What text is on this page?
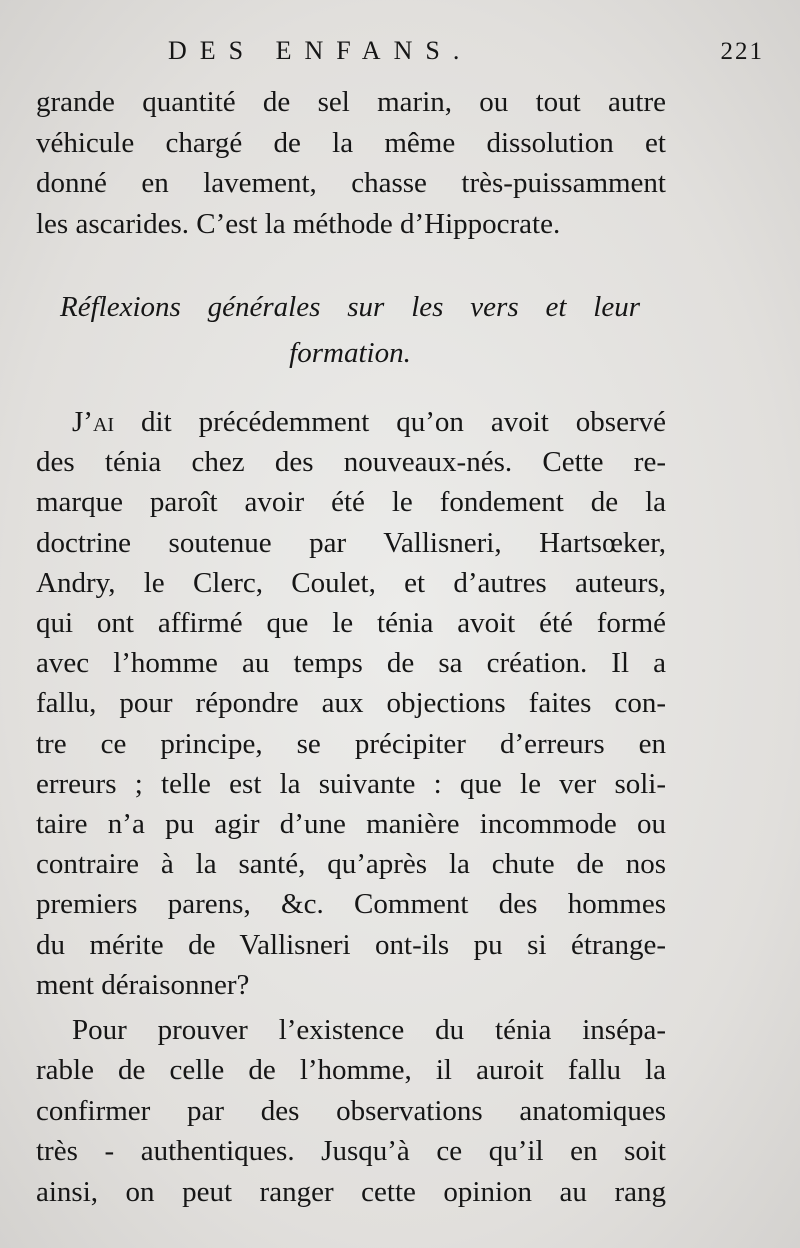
DES ENFANS.	221
grande quantité de sel marin, ou tout autre
véhicule chargé de la même dissolution et
donné en lavement, chasse très-puissamment
les ascarides. C’est la méthode d’Hippocrate.
Réflexions générales sur les vers et leur
formation.
J’ai dit précédemment qu’on avoit observé
des ténia chez des nouveaux-nés. Cette re-
marque paroît avoir été le fondement de la
doctrine soutenue par Vallisneri, Hartsœker,
Andry, le Clerc, Coulet, et d’autres auteurs,
qui ont affirmé que le ténia avoit été formé
avec l’homme au temps de sa création. Il a
fallu, pour répondre aux objections faites con-
tre ce principe, se précipiter d’erreurs en
erreurs ; telle est la suivante : que le ver soli-
taire n’a pu agir d’une manière incommode ou
contraire à la santé, qu’après la chute de nos
premiers parens, &c. Comment des hommes
du mérite de Vallisneri ont-ils pu si étrange-
ment déraisonner?
Pour prouver l’existence du ténia insépa-
rable de celle de l’homme, il auroit fallu la
confirmer par des observations anatomiques
très - authentiques. Jusqu’à ce qu’il en soit
ainsi, on peut ranger cette opinion au rang
